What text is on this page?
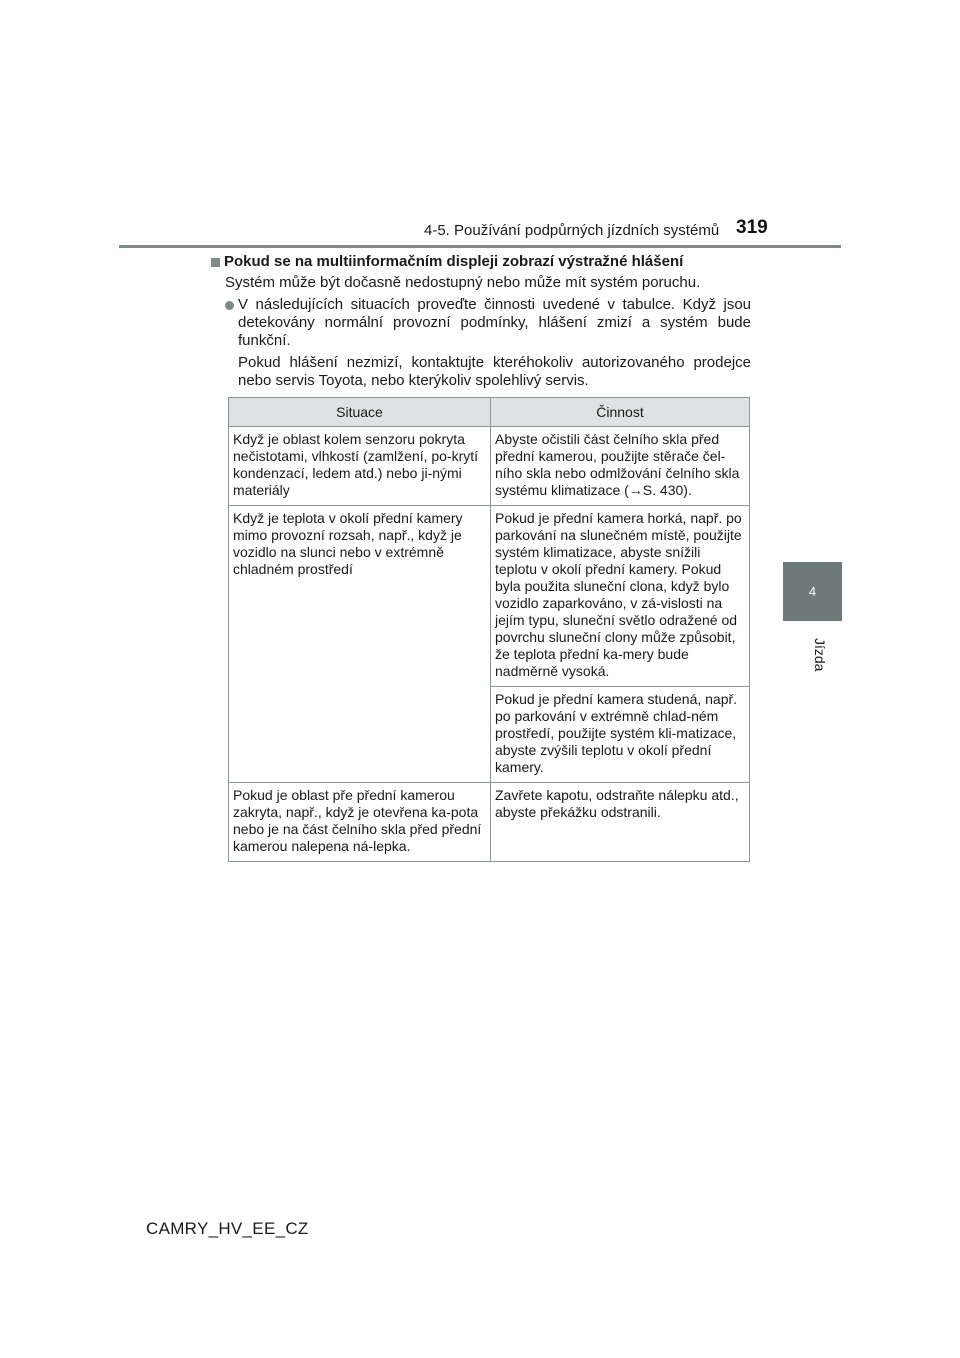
4-5. Používání podpůrných jízdních systémů 319
4
Jízda
Pokud se na multiinformačním displeji zobrazí výstražné hlášení

Systém může být dočasně nedostupný nebo může mít systém poruchu.

V následujících situacích proveďte činnosti uvedené v tabulce. Když jsou detekovány normální provozní podmínky, hlášení zmizí a systém bude funkční.

Pokud hlášení nezmizí, kontaktujte kteréhokoliv autorizovaného prodejce nebo servis Toyota, nebo kterýkoliv spolehlivý servis.

Situace	Činnost
Když je oblast kolem senzoru pokryta nečistotami, vlhkostí (zamlžení, po-krytí kondenzací, ledem atd.) nebo ji-nými materiály	Abyste očistili část čelního skla před přední kamerou, použijte stěrače čel-ního skla nebo odmlžování čelního skla systému klimatizace (→S. 430).
Když je teplota v okolí přední kamery mimo provozní rozsah, např., když je vozidlo na slunci nebo v extrémně chladném prostředí	Pokud je přední kamera horká, např. po parkování na slunečném místě, použijte systém klimatizace, abyste snížili teplotu v okolí přední kamery. Pokud byla použita sluneční clona, když bylo vozidlo zaparkováno, v zá-vislosti na jejím typu, sluneční světlo odražené od povrchu sluneční clony může způsobit, že teplota přední ka-mery bude nadměrně vysoká.
	Pokud je přední kamera studená, např. po parkování v extrémně chlad-ném prostředí, použijte systém kli-matizace, abyste zvýšili teplotu v okolí přední kamery.
Pokud je oblast pře přední kamerou zakryta, např., když je otevřena ka-pota nebo je na část čelního skla před přední kamerou nalepena ná-lepka.	Zavřete kapotu, odstraňte nálepku atd., abyste překážku odstranili.
CAMRY_HV_EE_CZ
